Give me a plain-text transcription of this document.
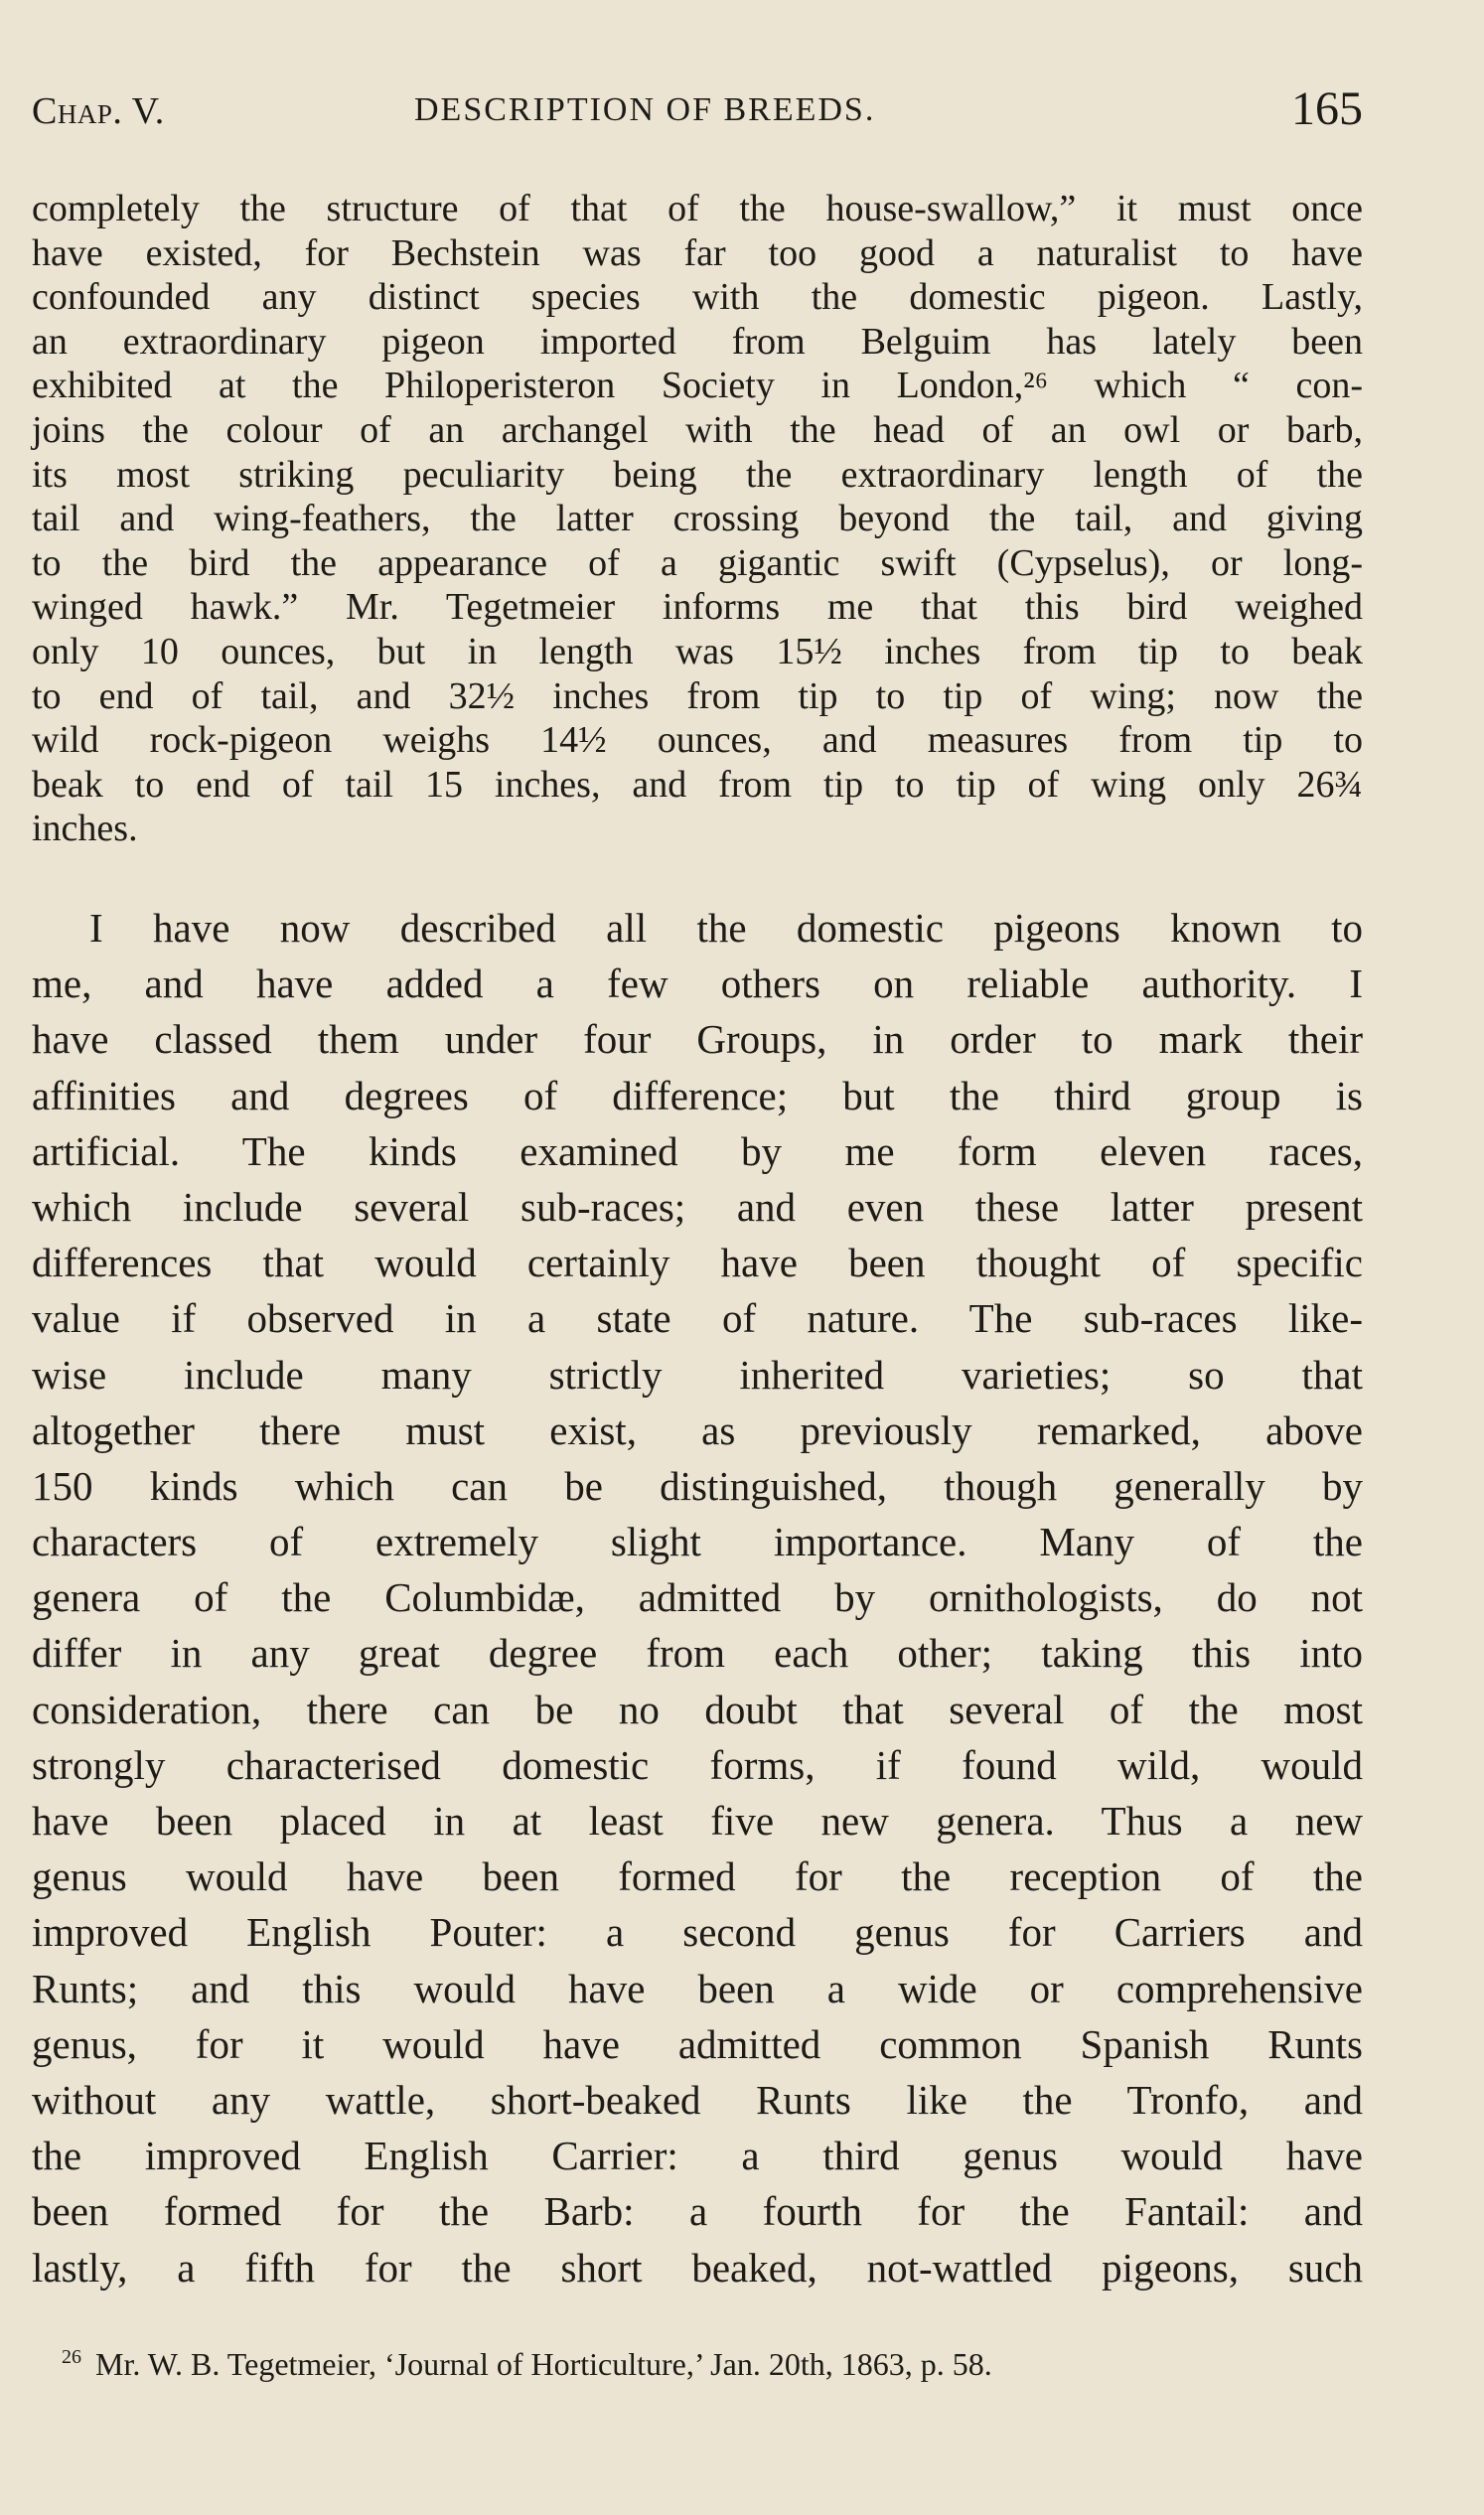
Chap. V.	DESCRIPTION OF BREEDS.	165
completely the structure of that of the house-swallow,” it must once
have existed, for Bechstein was far too good a naturalist to have
confounded any distinct species with the domestic pigeon. Lastly,
an extraordinary pigeon imported from Belguim has lately been
exhibited at the Philoperisteron Society in London,²⁶ which “ con-
joins the colour of an archangel with the head of an owl or barb,
its most striking peculiarity being the extraordinary length of the
tail and wing-feathers, the latter crossing beyond the tail, and giving
to the bird the appearance of a gigantic swift (Cypselus), or long-
winged hawk.” Mr. Tegetmeier informs me that this bird weighed
only 10 ounces, but in length was 15½ inches from tip to beak
to end of tail, and 32½ inches from tip to tip of wing; now the
wild rock-pigeon weighs 14½ ounces, and measures from tip to
beak to end of tail 15 inches, and from tip to tip of wing only 26¾
inches.
I have now described all the domestic pigeons known to
me, and have added a few others on reliable authority. I
have classed them under four Groups, in order to mark their
affinities and degrees of difference; but the third group is
artificial. The kinds examined by me form eleven races,
which include several sub-races; and even these latter present
differences that would certainly have been thought of specific
value if observed in a state of nature. The sub-races like-
wise include many strictly inherited varieties; so that
altogether there must exist, as previously remarked, above
150 kinds which can be distinguished, though generally by
characters of extremely slight importance. Many of the
genera of the Columbidæ, admitted by ornithologists, do not
differ in any great degree from each other; taking this into
consideration, there can be no doubt that several of the most
strongly characterised domestic forms, if found wild, would
have been placed in at least five new genera. Thus a new
genus would have been formed for the reception of the
improved English Pouter: a second genus for Carriers and
Runts; and this would have been a wide or comprehensive
genus, for it would have admitted common Spanish Runts
without any wattle, short-beaked Runts like the Tronfo, and
the improved English Carrier: a third genus would have
been formed for the Barb: a fourth for the Fantail: and
lastly, a fifth for the short beaked, not-wattled pigeons, such
$^{26}$ Mr. W. B. Tegetmeier, ‘Journal of Horticulture,’ Jan. 20th, 1863, p. 58.
